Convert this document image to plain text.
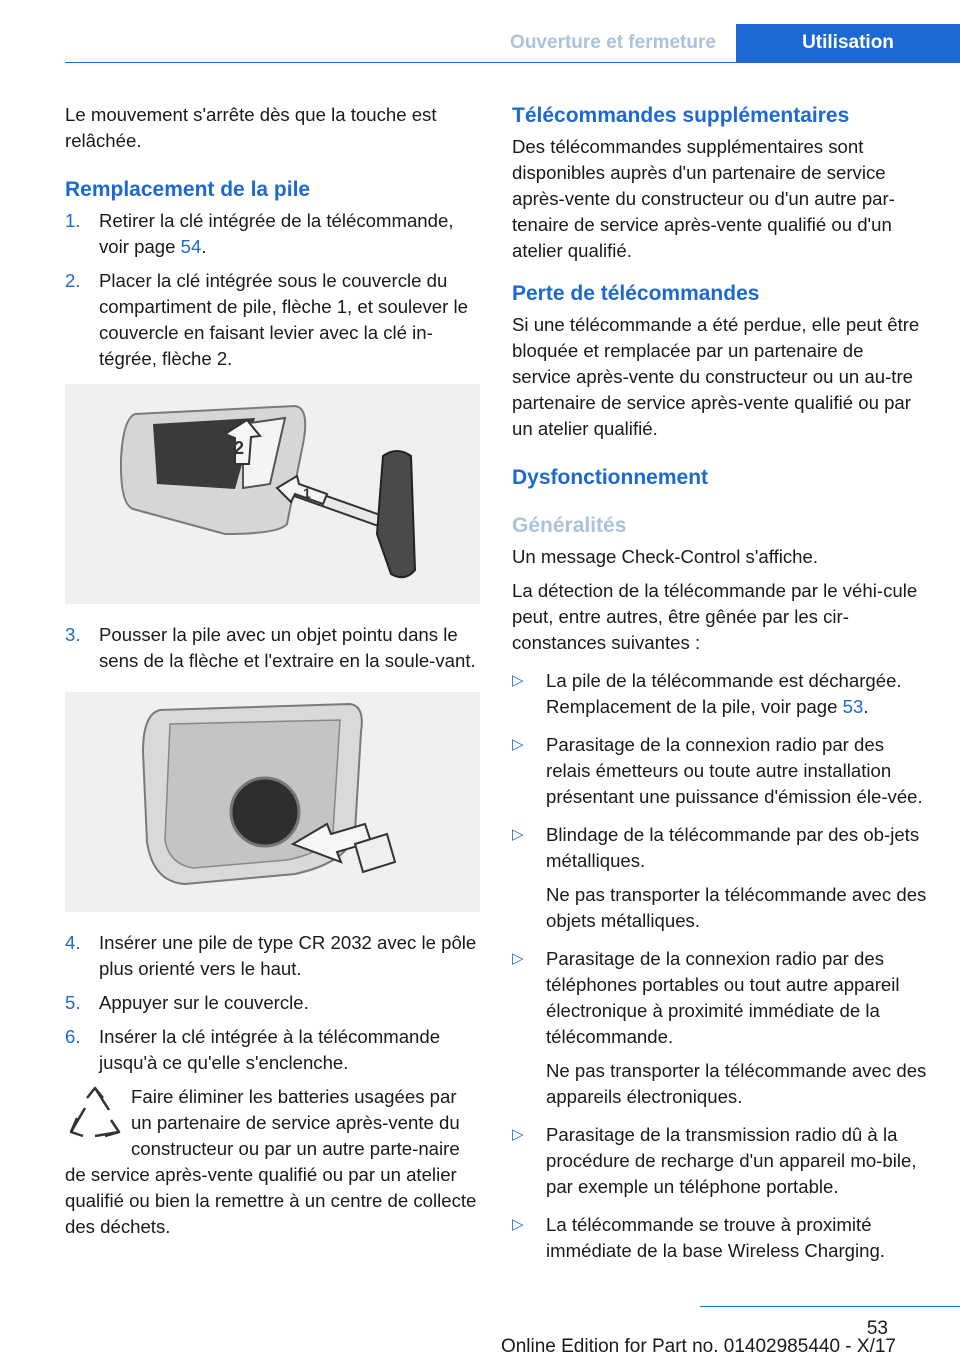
Ouverture et fermeture	Utilisation

Le mouvement s'arrête dès que la touche est relâchée.

Remplacement de la pile
1. Retirer la clé intégrée de la télécommande, voir page 54.
2. Placer la clé intégrée sous le couvercle du compartiment de pile, flèche 1, et soulever le couvercle en faisant levier avec la clé in‐tégrée, flèche 2.
2
1
3. Pousser la pile avec un objet pointu dans le sens de la flèche et l'extraire en la soule‐vant.
4. Insérer une pile de type CR 2032 avec le pôle plus orienté vers le haut.
5. Appuyer sur le couvercle.
6. Insérer la clé intégrée à la télécommande jusqu'à ce qu'elle s'enclenche.
Faire éliminer les batteries usagées par un partenaire de service après-vente du constructeur ou par un autre parte‐naire de service après-vente qualifié ou par un atelier qualifié ou bien la remettre à un centre de collecte des déchets.
Télécommandes supplémentaires

Des télécommandes supplémentaires sont disponibles auprès d'un partenaire de service après-vente du constructeur ou d'un autre par‐tenaire de service après-vente qualifié ou d'un atelier qualifié.

Perte de télécommandes

Si une télécommande a été perdue, elle peut être bloquée et remplacée par un partenaire de service après-vente du constructeur ou un au‐tre partenaire de service après-vente qualifié ou par un atelier qualifié.

Dysfonctionnement
Généralités

Un message Check-Control s'affiche.

La détection de la télécommande par le véhi‐cule peut, entre autres, être gênée par les cir‐constances suivantes :

▷ La pile de la télécommande est déchargée. Remplacement de la pile, voir page 53.
▷ Parasitage de la connexion radio par des relais émetteurs ou toute autre installation présentant une puissance d'émission éle‐vée.
▷ Blindage de la télécommande par des ob‐jets métalliques.
Ne pas transporter la télécommande avec des objets métalliques.
▷ Parasitage de la connexion radio par des téléphones portables ou tout autre appareil électronique à proximité immédiate de la télécommande.
Ne pas transporter la télécommande avec des appareils électroniques.
▷ Parasitage de la transmission radio dû à la procédure de recharge d'un appareil mo‐bile, par exemple un téléphone portable.
▷ La télécommande se trouve à proximité immédiate de la base Wireless Charging.
53
Online Edition for Part no. 01402985440 - X/17
